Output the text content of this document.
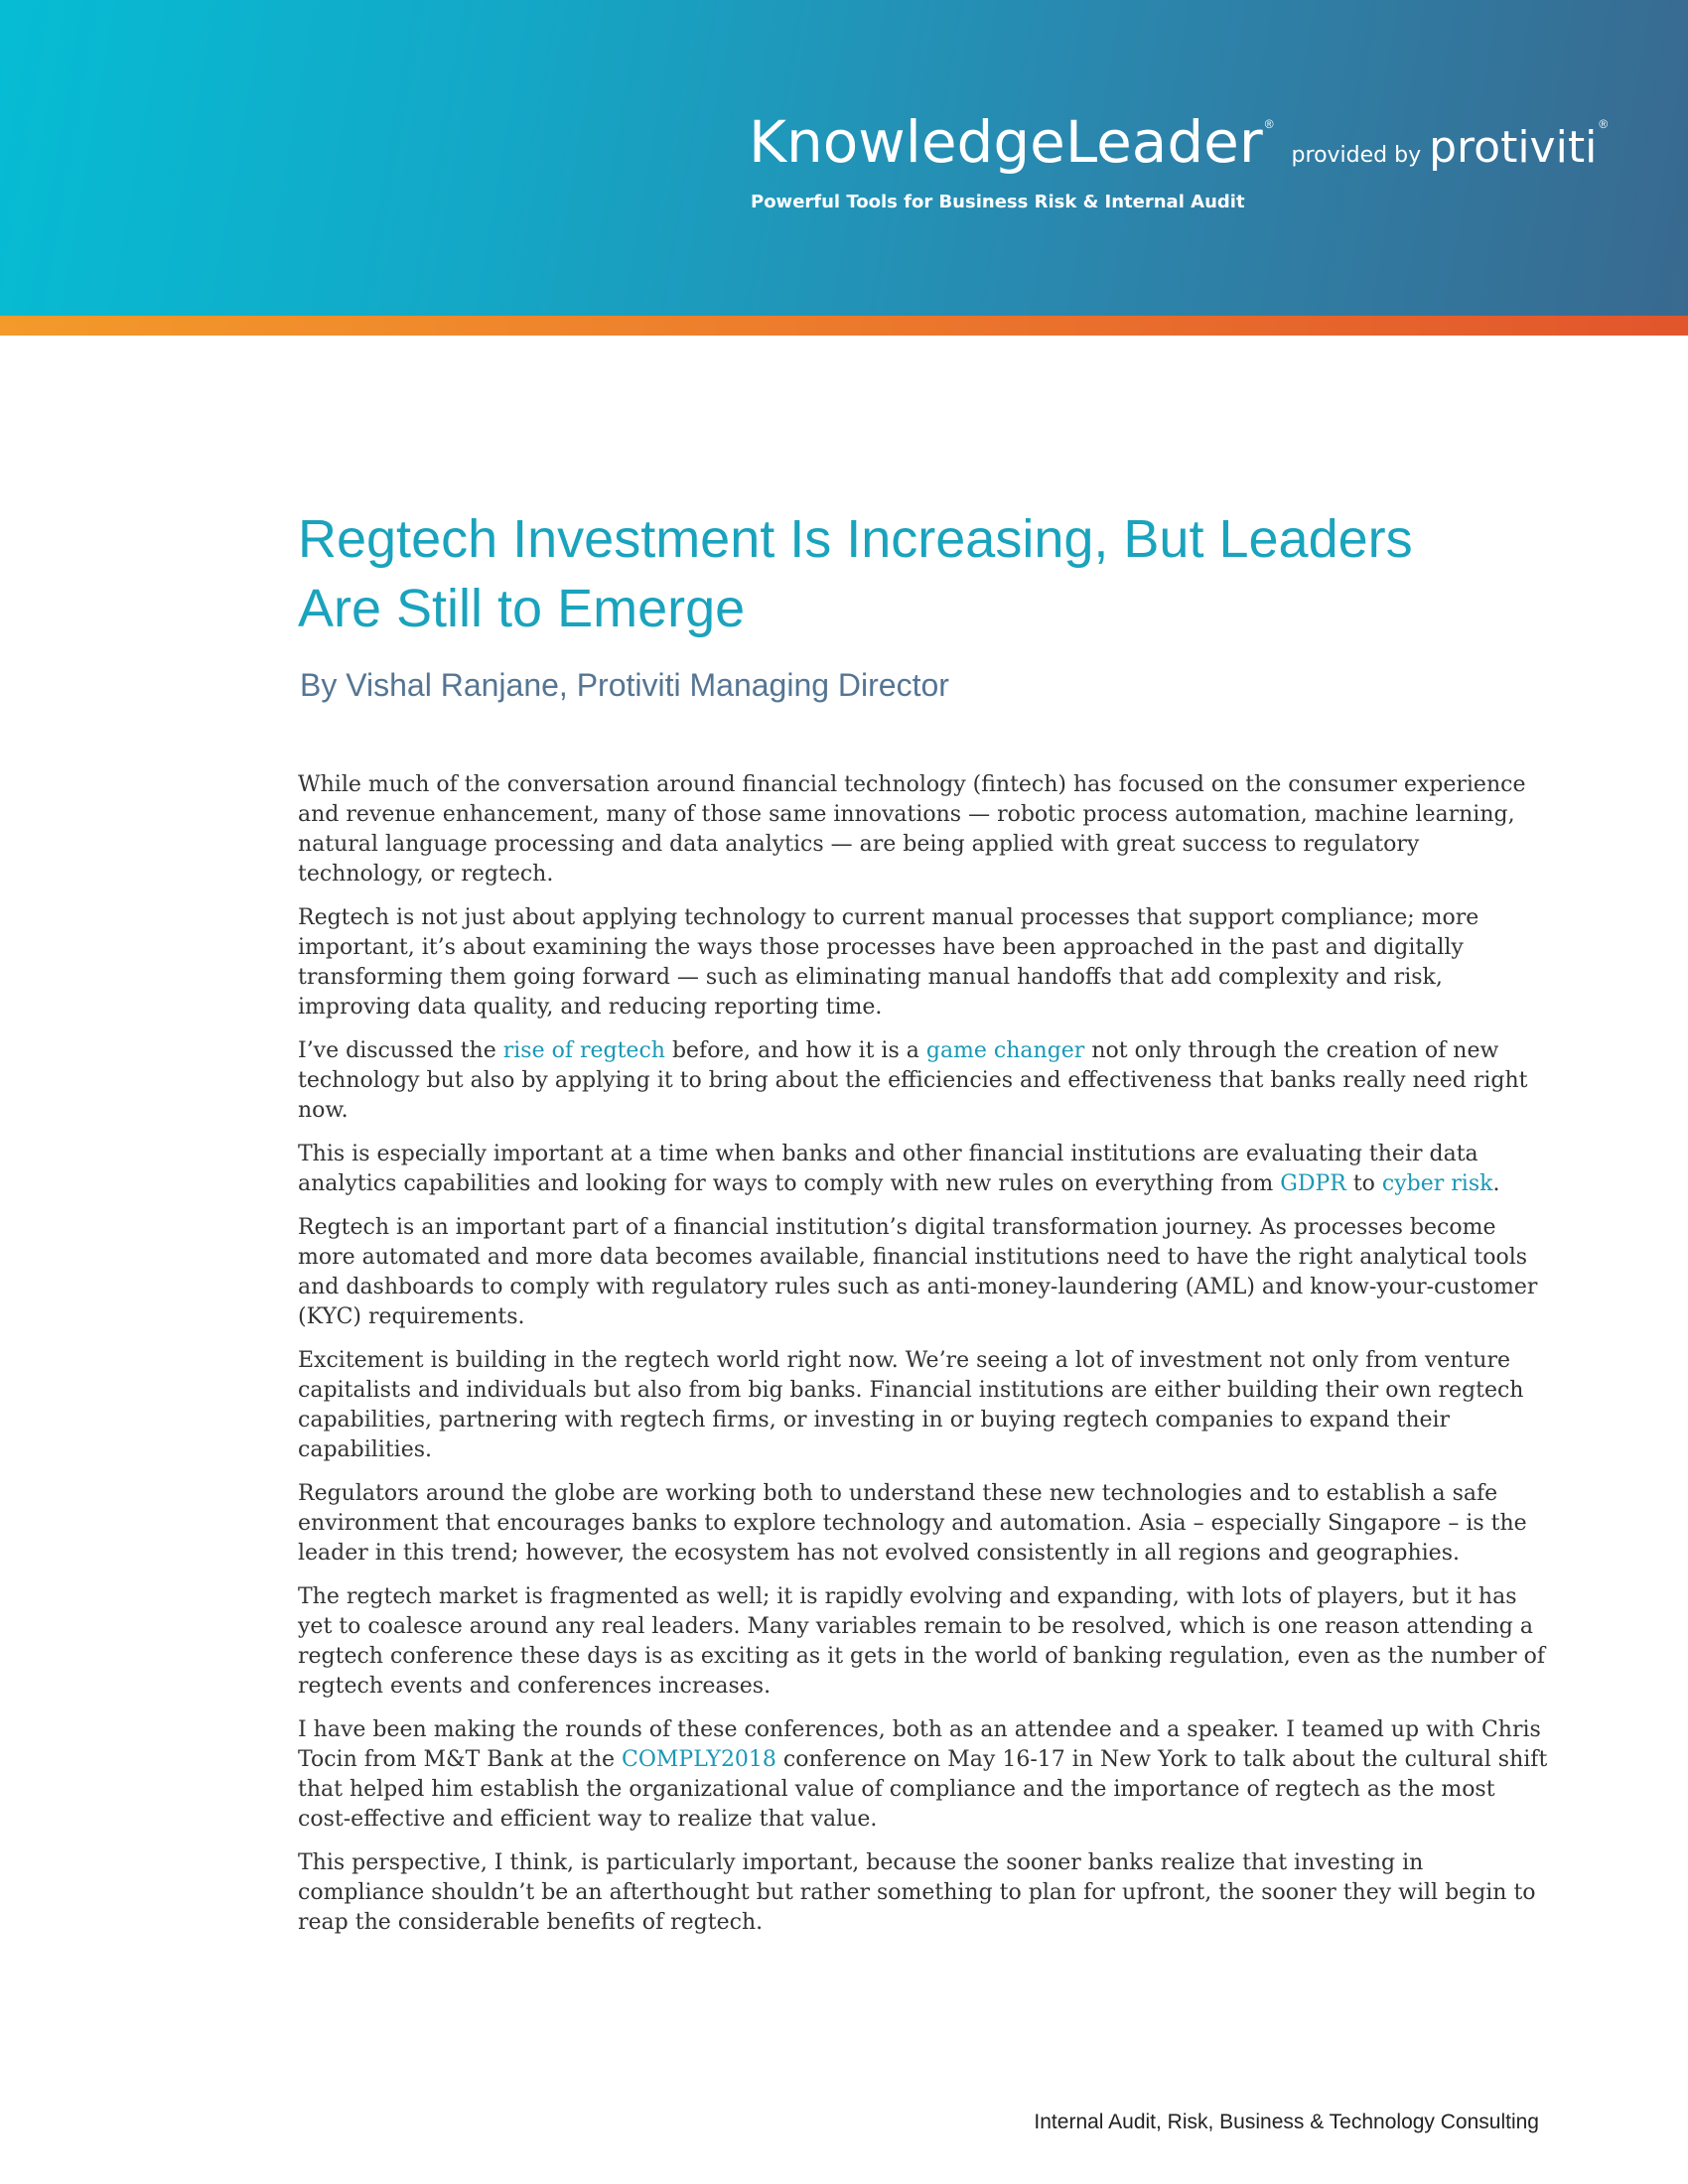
KnowledgeLeader ®provided by protiviti ®
Powerful Tools for Business Risk & Internal Audit
Regtech Investment Is Increasing, But Leaders Are Still to Emerge
By Vishal Ranjane, Protiviti Managing Director

While much of the conversation around financial technology (fintech) has focused on the consumer experience and revenue enhancement, many of those same innovations — robotic process automation, machine learning, natural language processing and data analytics — are being applied with great success to regulatory technology, or regtech.

Regtech is not just about applying technology to current manual processes that support compliance; more important, it’s about examining the ways those processes have been approached in the past and digitally transforming them going forward — such as eliminating manual handoffs that add complexity and risk, improving data quality, and reducing reporting time.

I’ve discussed the rise of regtech before, and how it is a game changer not only through the creation of new technology but also by applying it to bring about the efficiencies and effectiveness that banks really need right now.

This is especially important at a time when banks and other financial institutions are evaluating their data analytics capabilities and looking for ways to comply with new rules on everything from GDPR to cyber risk.

Regtech is an important part of a financial institution’s digital transformation journey. As processes become more automated and more data becomes available, financial institutions need to have the right analytical tools and dashboards to comply with regulatory rules such as anti-money-laundering (AML) and know-your-customer (KYC) requirements.

Excitement is building in the regtech world right now. We’re seeing a lot of investment not only from venture capitalists and individuals but also from big banks. Financial institutions are either building their own regtech capabilities, partnering with regtech firms, or investing in or buying regtech companies to expand their capabilities.

Regulators around the globe are working both to understand these new technologies and to establish a safe environment that encourages banks to explore technology and automation. Asia – especially Singapore – is the leader in this trend; however, the ecosystem has not evolved consistently in all regions and geographies.

The regtech market is fragmented as well; it is rapidly evolving and expanding, with lots of players, but it has yet to coalesce around any real leaders. Many variables remain to be resolved, which is one reason attending a regtech conference these days is as exciting as it gets in the world of banking regulation, even as the number of regtech events and conferences increases.

I have been making the rounds of these conferences, both as an attendee and a speaker. I teamed up with Chris Tocin from M&T Bank at the COMPLY2018 conference on May 16-17 in New York to talk about the cultural shift that helped him establish the organizational value of compliance and the importance of regtech as the most cost-effective and efficient way to realize that value.

This perspective, I think, is particularly important, because the sooner banks realize that investing in compliance shouldn’t be an afterthought but rather something to plan for upfront, the sooner they will begin to reap the considerable benefits of regtech.

Internal Audit, Risk, Business & Technology Consulting
